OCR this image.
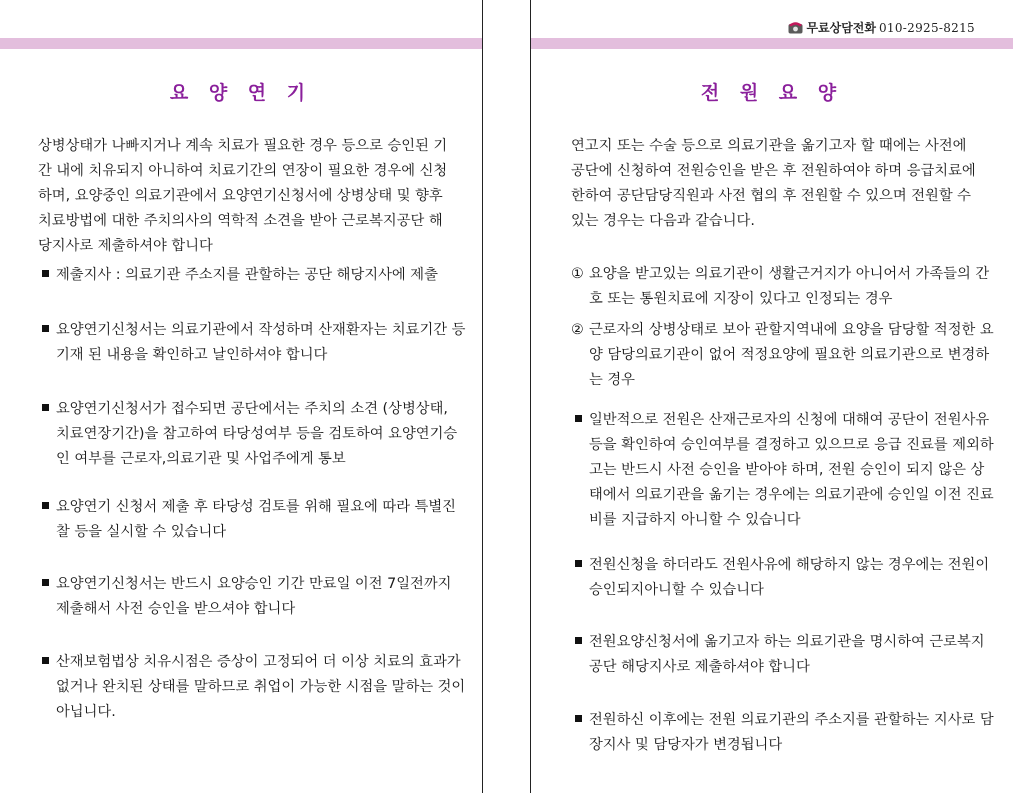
요 양 연 기

상병상태가 나빠지거나 계속 치료가 필요한 경우 등으로 승인된 기간 내에 치유되지 아니하여 치료기간의 연장이 필요한 경우에 신청하며, 요양중인 의료기관에서 요양연기신청서에 상병상태 및 향후 치료방법에 대한 주치의사의 역학적 소견을 받아 근로복지공단 해당지사로 제출하셔야 합니다

제출지사 : 의료기관 주소지를 관할하는 공단 해당지사에 제출

요양연기신청서는 의료기관에서 작성하며 산재환자는 치료기간 등 기재 된 내용을 확인하고 날인하셔야 합니다

요양연기신청서가 접수되면 공단에서는 주치의 소견 (상병상태, 치료연장기간)을 참고하여 타당성여부 등을 검토하여 요양연기승인 여부를 근로자,의료기관 및 사업주에게 통보

요양연기 신청서 제출 후 타당성 검토를 위해 필요에 따라 특별진찰 등을 실시할 수 있습니다

요양연기신청서는 반드시 요양승인 기간 만료일 이전 7일전까지 제출해서 사전 승인을 받으셔야 합니다

산재보험법상 치유시점은 증상이 고정되어 더 이상 치료의 효과가 없거나 완치된 상태를 말하므로 취업이 가능한 시점을 말하는 것이 아닙니다.

무료상담전화 010-2925-8215
전 원 요 양

연고지 또는 수술 등으로 의료기관을 옮기고자 할 때에는 사전에 공단에 신청하여 전원승인을 받은 후 전원하여야 하며 응급치료에 한하여 공단담당직원과 사전 협의 후 전원할 수 있으며 전원할 수 있는 경우는 다음과 같습니다.

① 요양을 받고있는 의료기관이 생활근거지가 아니어서 가족들의 간호 또는 통원치료에 지장이 있다고 인정되는 경우

② 근로자의 상병상태로 보아 관할지역내에 요양을 담당할 적정한 요양 담당의료기관이 없어 적정요양에 필요한 의료기관으로 변경하는 경우

일반적으로 전원은 산재근로자의 신청에 대해여 공단이 전원사유 등을 확인하여 승인여부를 결정하고 있으므로 응급 진료를 제외하고는 반드시 사전 승인을 받아야 하며, 전원 승인이 되지 않은 상태에서 의료기관을 옮기는 경우에는 의료기관에 승인일 이전 진료비를 지급하지 아니할 수 있습니다

전원신청을 하더라도 전원사유에 해당하지 않는 경우에는 전원이 승인되지아니할 수 있습니다

전원요양신청서에 옮기고자 하는 의료기관을 명시하여 근로복지공단 해당지사로 제출하셔야 합니다

전원하신 이후에는 전원 의료기관의 주소지를 관할하는 지사로 담장지사 및 담당자가 변경됩니다
